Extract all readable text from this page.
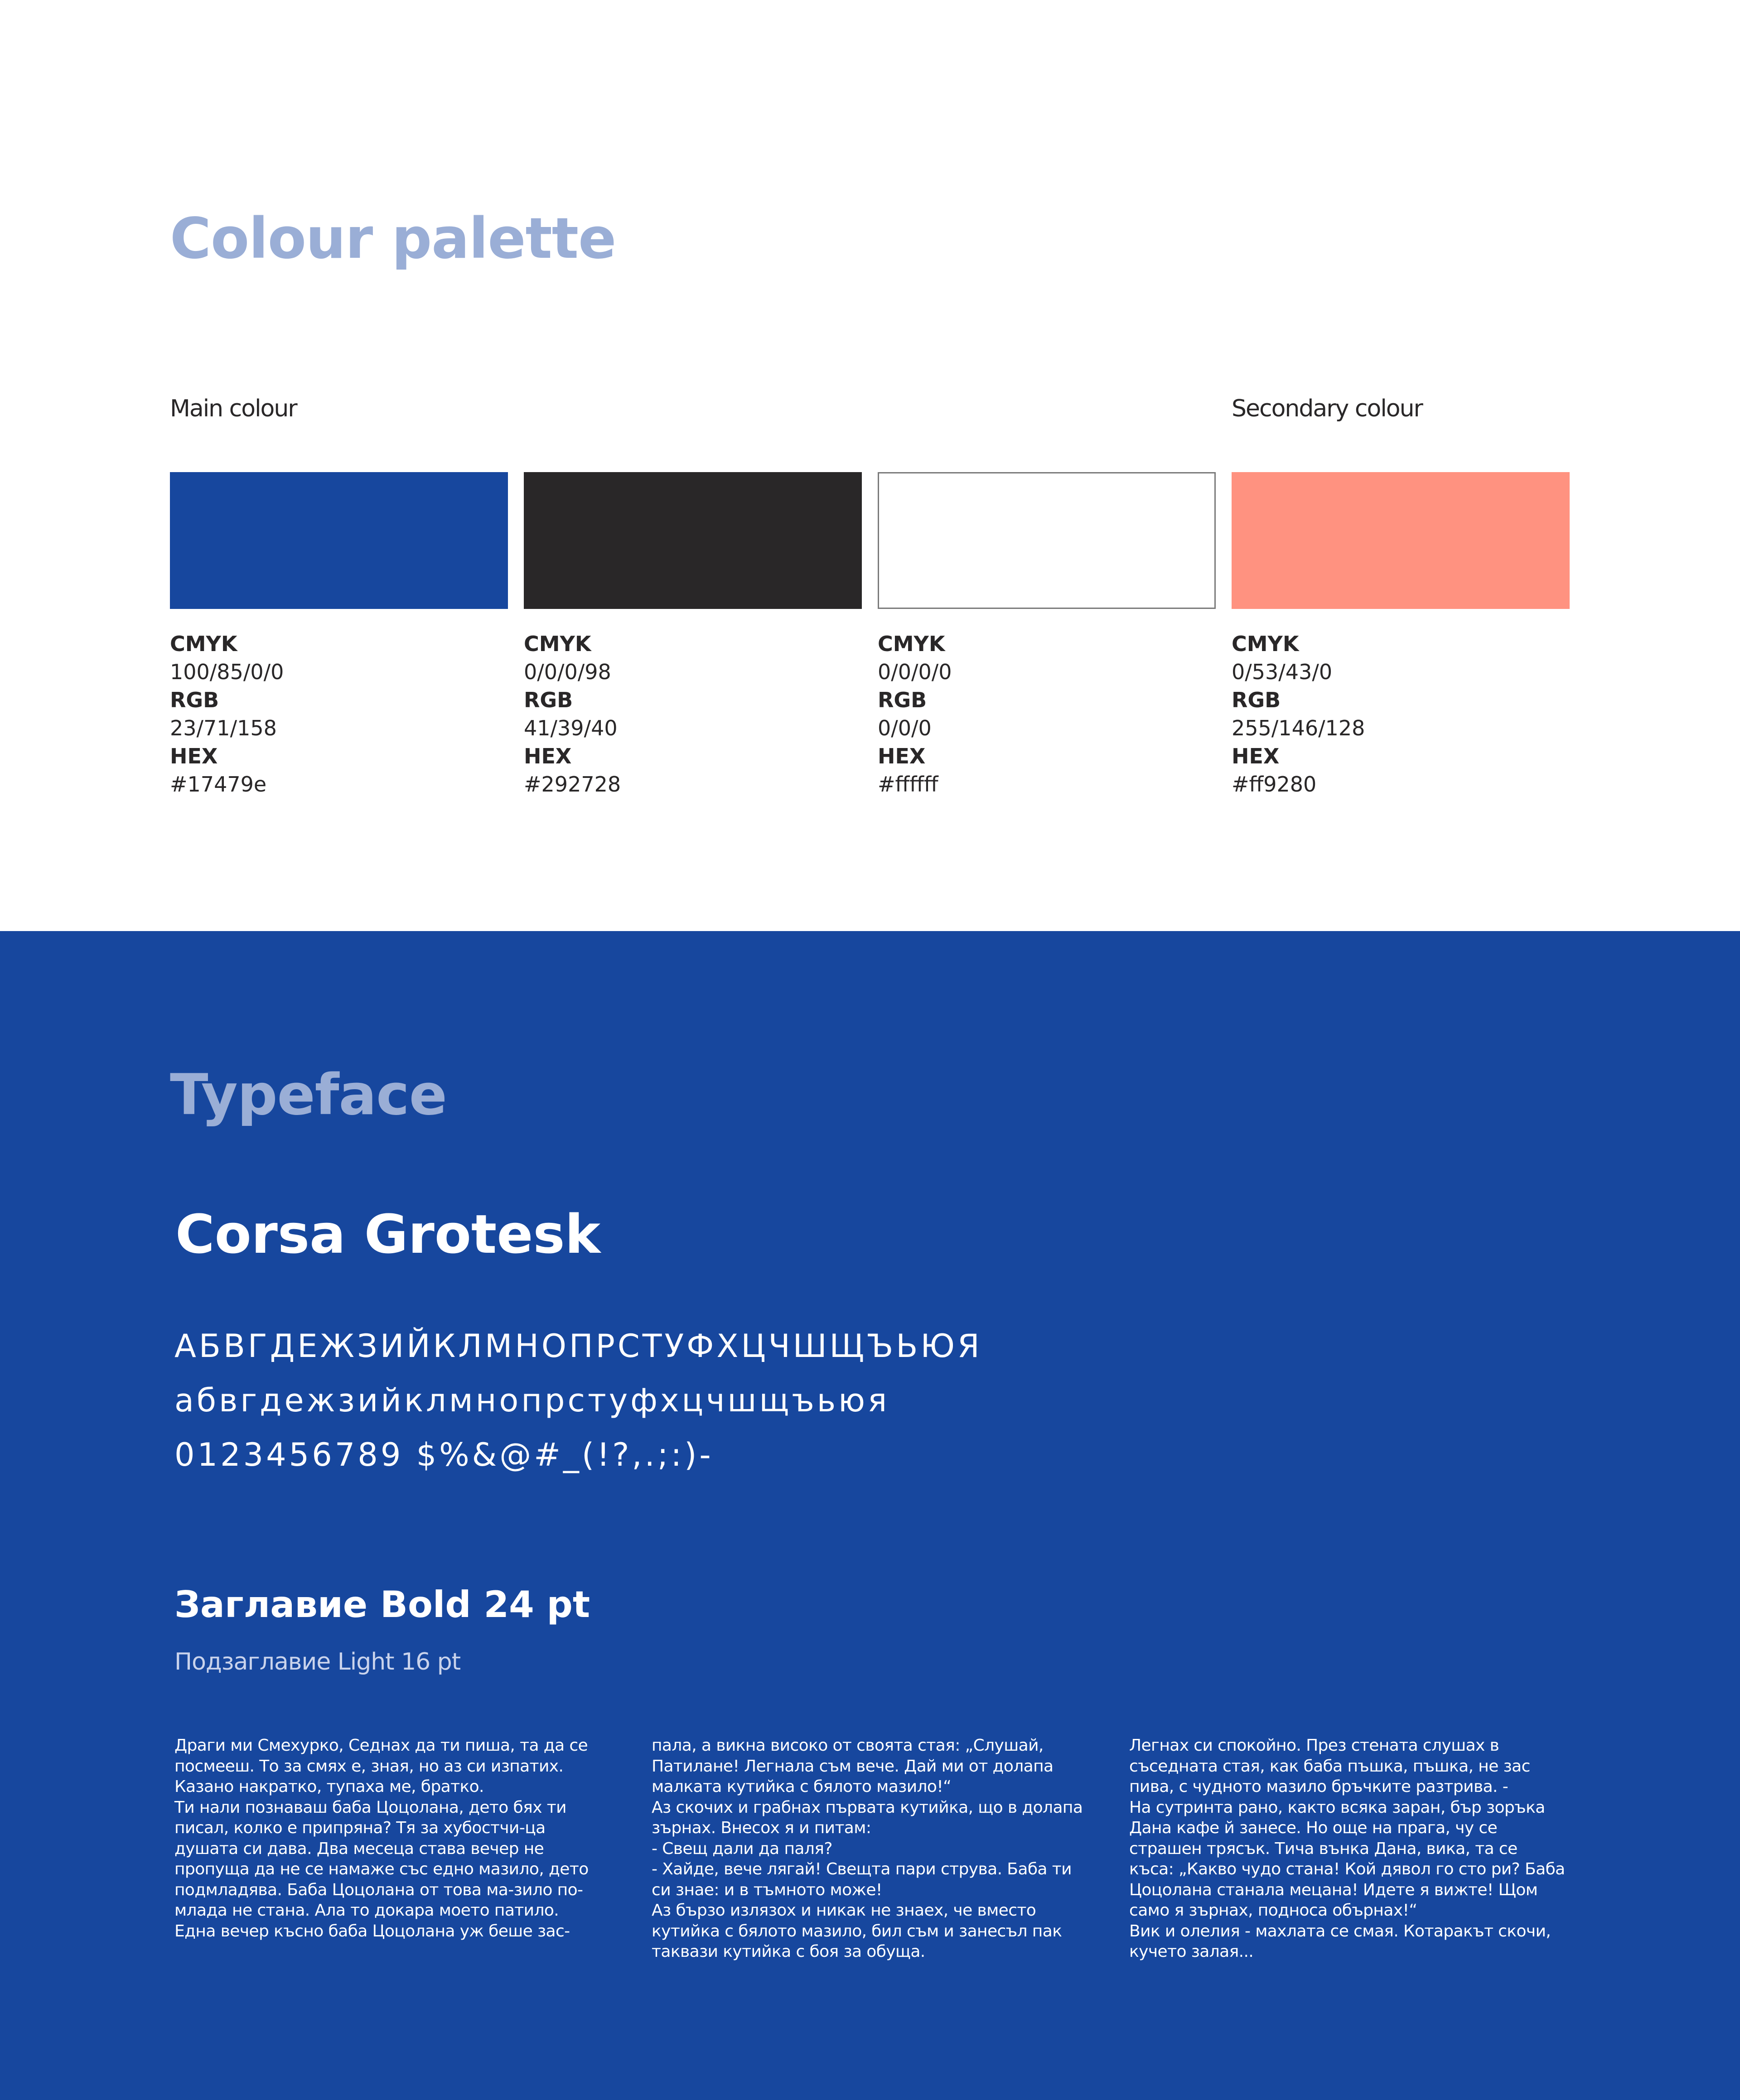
Colour palette
Main colour	Secondary colour
CMYK
100/85/0/0
RGB
23/71/158
HEX
#17479e
CMYK
0/0/0/98
RGB
41/39/40
HEX
#292728
CMYK
0/0/0/0
RGB
0/0/0
HEX
#ffffff
CMYK
0/53/43/0
RGB
255/146/128
HEX
#ff9280
Typeface
Corsa Grotesk
АБВГДЕЖЗИЙКЛМНОПРСТУФХЦЧШЩЪЬЮЯ
абвгдежзийклмнопрстуфхцчшщъьюя
0123456789 $%&@#_(!?,.;:)-
Заглавие Bold 24 pt
Подзаглавие Light 16 pt

Драги ми Смехурко, Седнах да ти пиша, та да се посмееш. То за смях е, зная, но аз си изпатих. Казано накратко, тупаха ме, братко.
Ти нали познаваш баба Цоцолана, дето бях ти писал, колко е припряна? Тя за хубостчи-ца душата си дава. Два месеца става вечер не пропуща да не се намаже със едно мазило, дето подмладява. Баба Цоцолана от това ма-зило по-млада не стана. Ала то докара моето патило.
Една вечер късно баба Цоцолана уж беше зас-

пала, а викна високо от своята стая: „Слушай, Патилане! Легнала съм вече. Дай ми от долапа малката кутийка с бялото мазило!“
Аз скочих и грабнах първата кутийка, що в долапа зърнах. Внесох я и питам:
- Свещ дали да паля?
- Хайде, вече лягай! Свещта пари струва. Баба ти си знае: и в тъмното може!
Аз бързо излязох и никак не знаех, че вместо кутийка с бялото мазило, бил съм и занесъл пак таквази кутийка с боя за обуща.

Легнах си спокойно. През стената слушах в съседната стая, как баба пъшка, пъшка, не зас пива, с чудното мазило бръчките разтрива. -
На сутринта рано, както всяка заран, бър зоръка Дана кафе й занесе. Но още на прага, чу се страшен трясък. Тича вънка Дана, вика, та се къса: „Какво чудо стана! Кой дявол го сто ри? Баба Цоцолана станала мецана! Идете я вижте! Щом само я зърнах, подноса обърнах!“
Вик и олелия - махлата се смая. Котаракът скочи, кучето залая...
